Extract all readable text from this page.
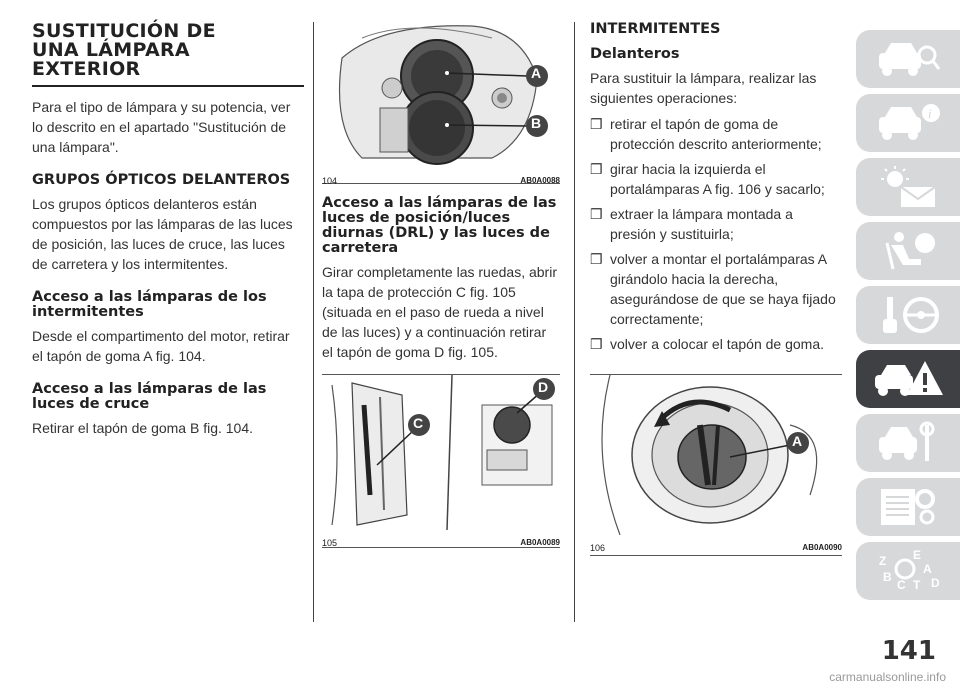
SUSTITUCIÓN DE
UNA LÁMPARA
EXTERIOR

Para el tipo de lámpara y su potencia, ver lo descrito en el apartado "Sustitución de una lámpara".

GRUPOS ÓPTICOS DELANTEROS

Los grupos ópticos delanteros están compuestos por las lámparas de las luces de posición, las luces de cruce, las luces de carretera y los intermitentes.

Acceso a las lámparas de los intermitentes

Desde el compartimento del motor, retirar el tapón de goma A fig. 104.

Acceso a las lámparas de las luces de cruce

Retirar el tapón de goma B fig. 104.

A
B
104	AB0A0088
Acceso a las lámparas de las luces de posición/luces diurnas (DRL) y las luces de carretera

Girar completamente las ruedas, abrir la tapa de protección C fig. 105 (situada en el paso de rueda a nivel de las luces) y a continuación retirar el tapón de goma D fig. 105.

C
D
105	AB0A0089
INTERMITENTES
Delanteros

Para sustituir la lámpara, realizar las siguientes operaciones:

❒ retirar el tapón de goma de protección descrito anteriormente;
❒ girar hacia la izquierda el portalámparas A fig. 106 y sacarlo;
❒ extraer la lámpara montada a presión y sustituirla;
❒ volver a montar el portalámparas A girándolo hacia la derecha, asegurándose de que se haya fijado correctamente;
❒ volver a colocar el tapón de goma.
A
106	AB0A0090
i
Z E
A
B
C T D
141
carmanualsonline.info
